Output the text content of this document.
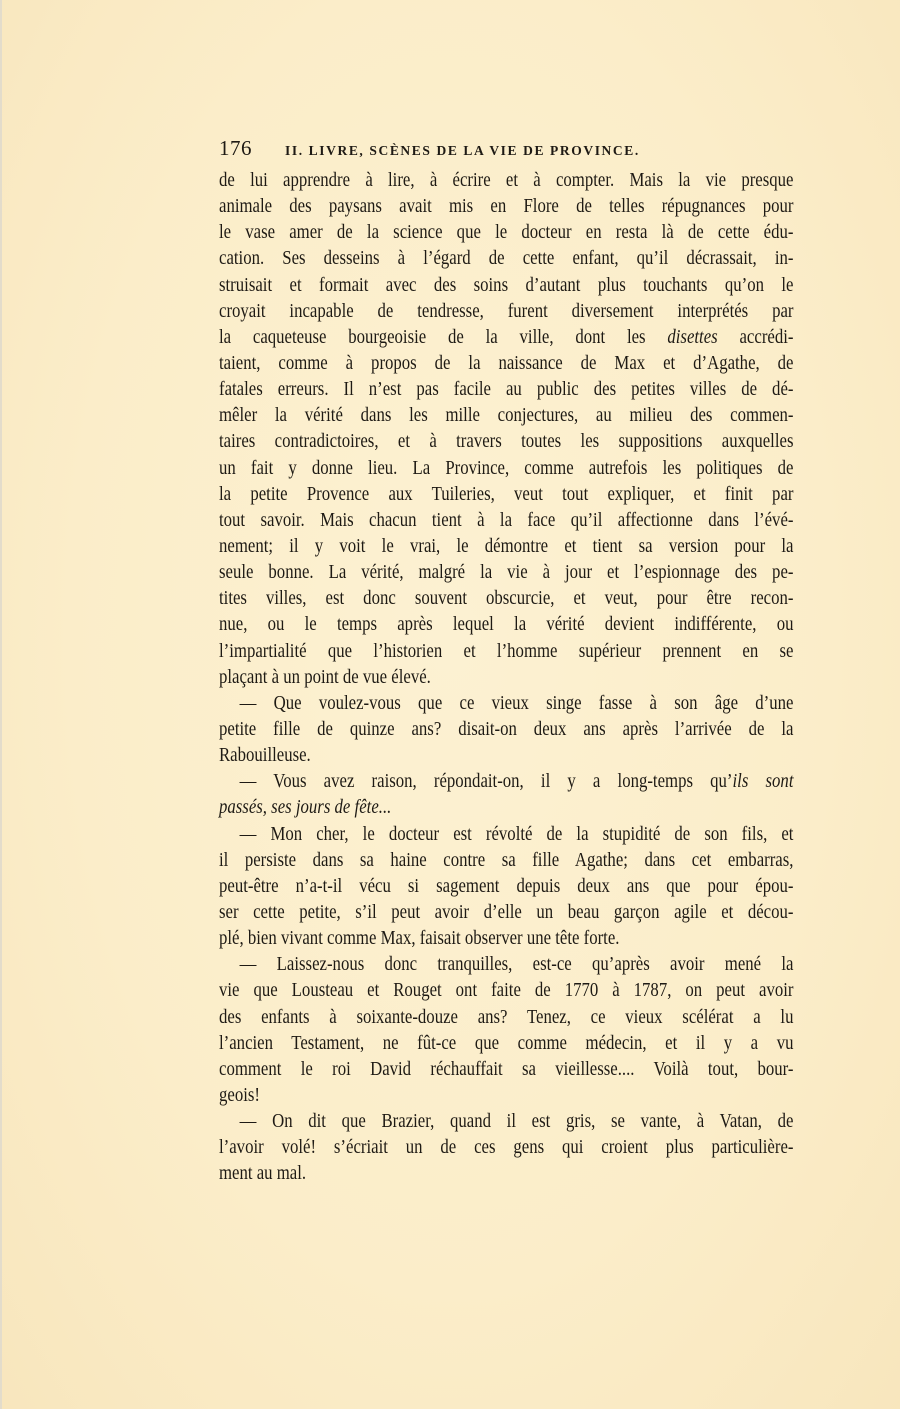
176	II. LIVRE, SCÈNES DE LA VIE DE PROVINCE.
de lui apprendre à lire, à écrire et à compter. Mais la vie presque
animale des paysans avait mis en Flore de telles répugnances pour
le vase amer de la science que le docteur en resta là de cette édu-
cation. Ses desseins à l’égard de cette enfant, qu’il décrassait, in-
struisait et formait avec des soins d’autant plus touchants qu’on le
croyait incapable de tendresse, furent diversement interprétés par
la caqueteuse bourgeoisie de la ville, dont les disettes accrédi-
taient, comme à propos de la naissance de Max et d’Agathe, de
fatales erreurs. Il n’est pas facile au public des petites villes de dé-
mêler la vérité dans les mille conjectures, au milieu des commen-
taires contradictoires, et à travers toutes les suppositions auxquelles
un fait y donne lieu. La Province, comme autrefois les politiques de
la petite Provence aux Tuileries, veut tout expliquer, et finit par
tout savoir. Mais chacun tient à la face qu’il affectionne dans l’évé-
nement; il y voit le vrai, le démontre et tient sa version pour la
seule bonne. La vérité, malgré la vie à jour et l’espionnage des pe-
tites villes, est donc souvent obscurcie, et veut, pour être recon-
nue, ou le temps après lequel la vérité devient indifférente, ou
l’impartialité que l’historien et l’homme supérieur prennent en se
plaçant à un point de vue élevé.
— Que voulez-vous que ce vieux singe fasse à son âge d’une
petite fille de quinze ans? disait-on deux ans après l’arrivée de la
Rabouilleuse.
— Vous avez raison, répondait-on, il y a long-temps qu’ils sont
passés, ses jours de fête...
— Mon cher, le docteur est révolté de la stupidité de son fils, et
il persiste dans sa haine contre sa fille Agathe; dans cet embarras,
peut-être n’a-t-il vécu si sagement depuis deux ans que pour épou-
ser cette petite, s’il peut avoir d’elle un beau garçon agile et décou-
plé, bien vivant comme Max, faisait observer une tête forte.
— Laissez-nous donc tranquilles, est-ce qu’après avoir mené la
vie que Lousteau et Rouget ont faite de 1770 à 1787, on peut avoir
des enfants à soixante-douze ans? Tenez, ce vieux scélérat a lu
l’ancien Testament, ne fût-ce que comme médecin, et il y a vu
comment le roi David réchauffait sa vieillesse.... Voilà tout, bour-
geois!
— On dit que Brazier, quand il est gris, se vante, à Vatan, de
l’avoir volé! s’écriait un de ces gens qui croient plus particulière-
ment au mal.
